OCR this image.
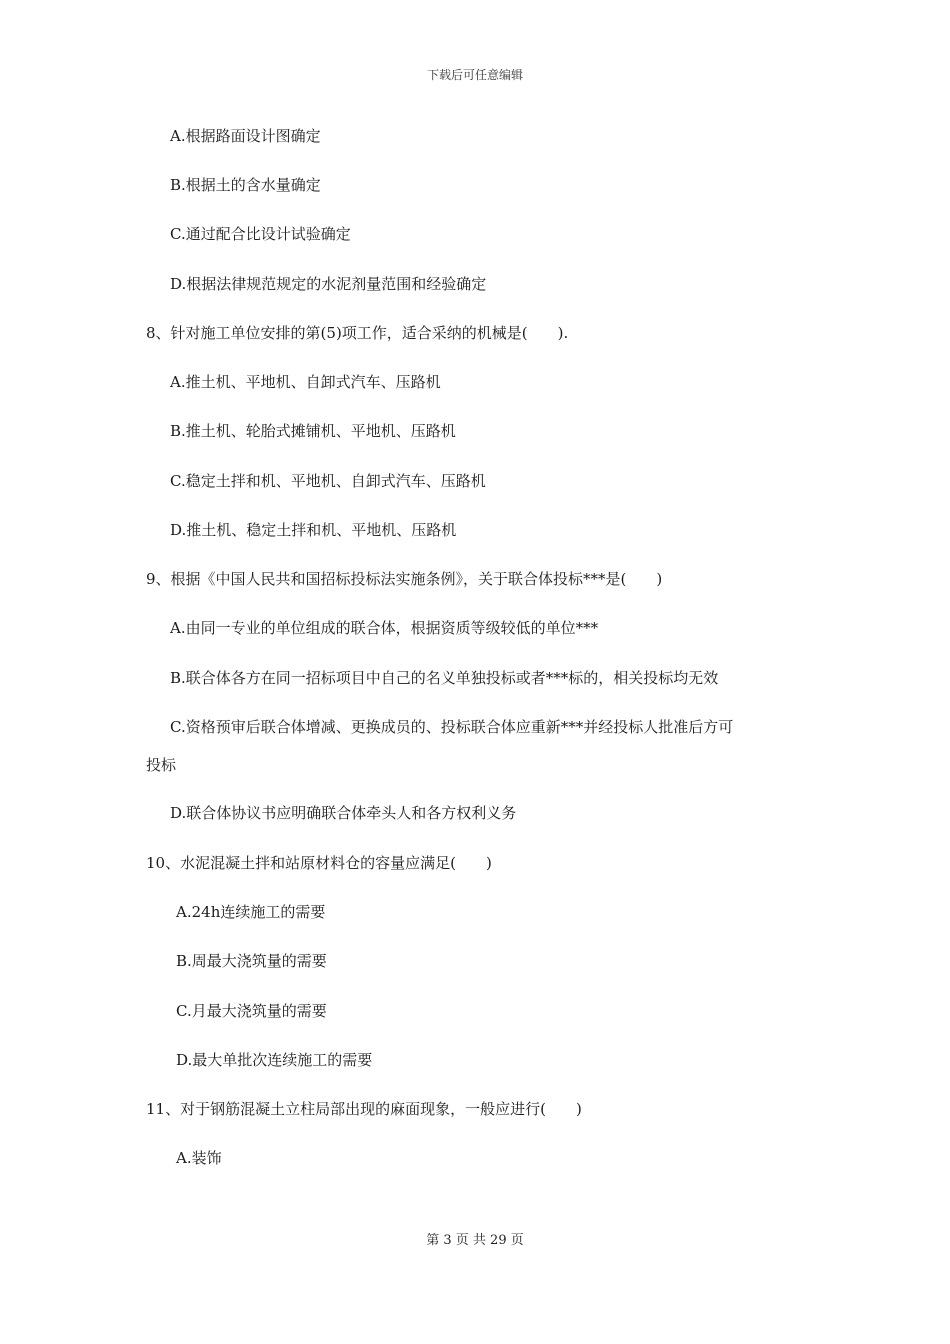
下载后可任意编辑
A.根据路面设计图确定
B.根据土的含水量确定
C.通过配合比设计试验确定
D.根据法律规范规定的水泥剂量范围和经验确定
8、针对施工单位安排的第(5)项工作，适合采纳的机械是(　　).
A.推土机、平地机、自卸式汽车、压路机
B.推土机、轮胎式摊铺机、平地机、压路机
C.稳定土拌和机、平地机、自卸式汽车、压路机
D.推土机、稳定土拌和机、平地机、压路机
9、根据《中国人民共和国招标投标法实施条例》，关于联合体投标***是(　　)
A.由同一专业的单位组成的联合体，根据资质等级较低的单位***
B.联合体各方在同一招标项目中自己的名义单独投标或者***标的，相关投标均无效
C.资格预审后联合体增减、更换成员的、投标联合体应重新***并经投标人批准后方可
投标
D.联合体协议书应明确联合体牵头人和各方权利义务
10、水泥混凝土拌和站原材料仓的容量应满足(　　)
A.24h连续施工的需要
B.周最大浇筑量的需要
C.月最大浇筑量的需要
D.最大单批次连续施工的需要
11、对于钢筋混凝土立柱局部出现的麻面现象，一般应进行(　　)
A.装饰
第 3 页 共 29 页
